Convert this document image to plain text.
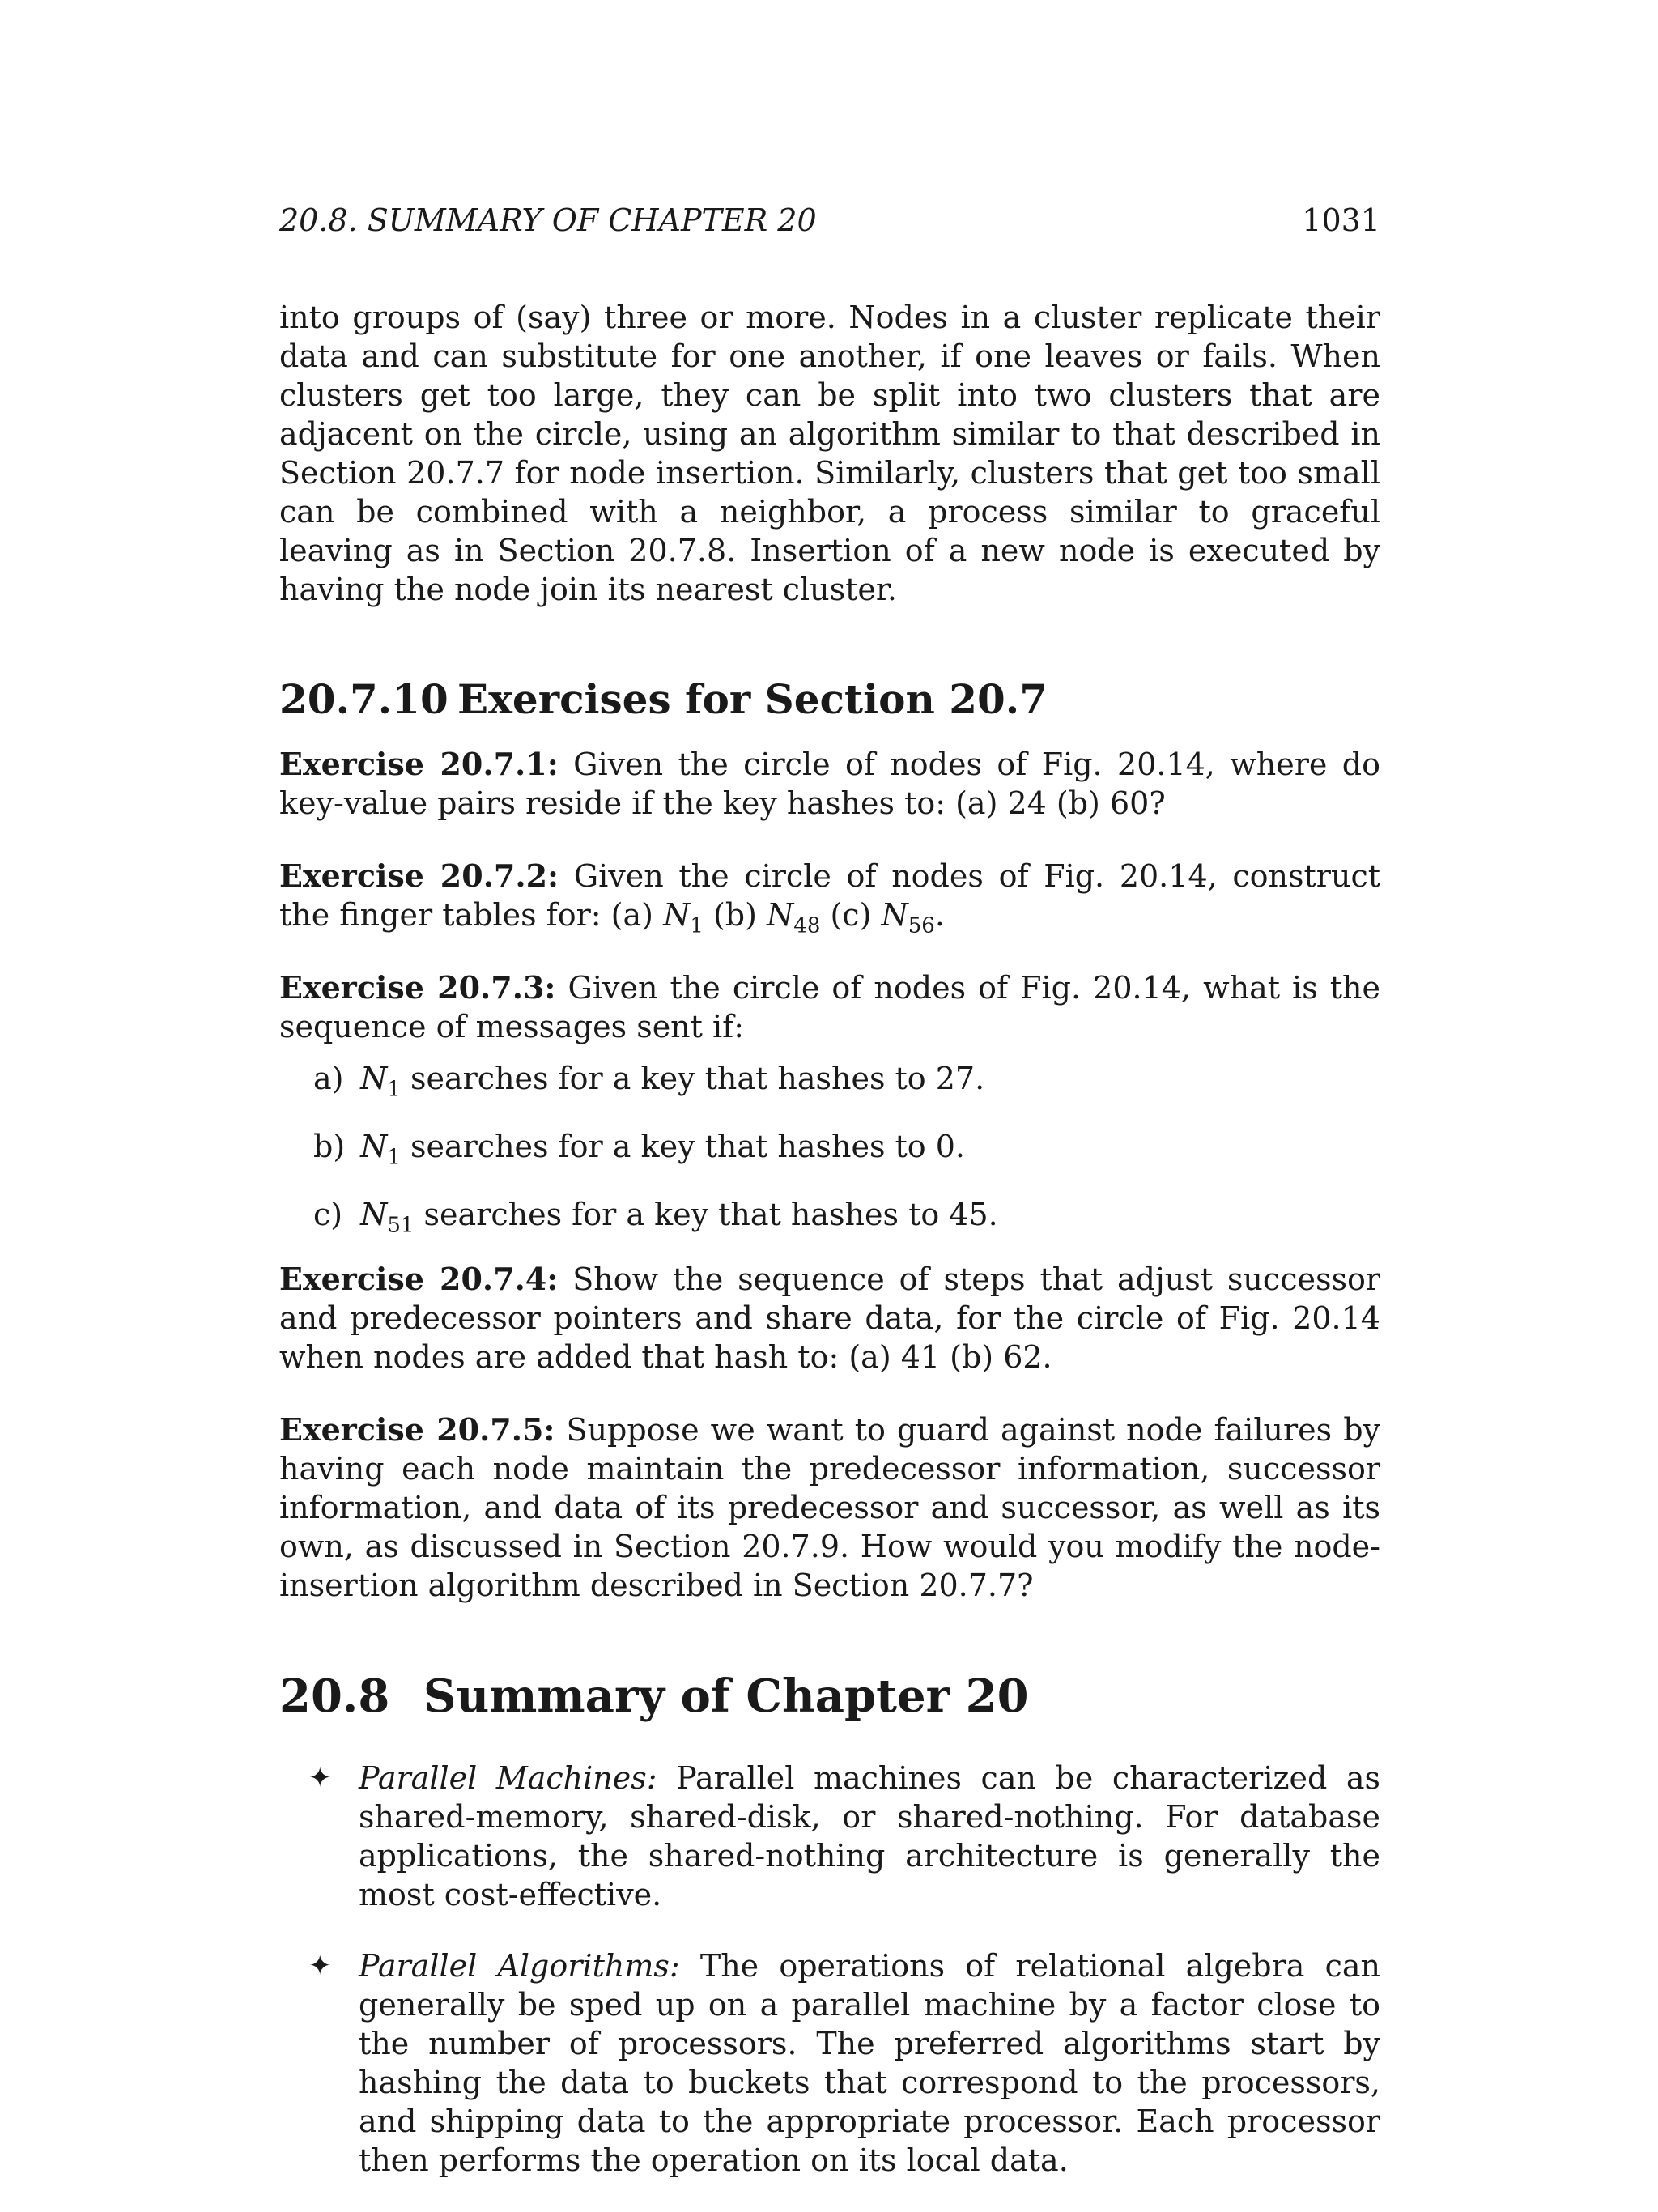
20.8. SUMMARY OF CHAPTER 20	1031

into groups of (say) three or more. Nodes in a cluster replicate their data and can substitute for one another, if one leaves or fails. When clusters get too large, they can be split into two clusters that are adjacent on the circle, using an algorithm similar to that described in Section 20.7.7 for node insertion. Similarly, clusters that get too small can be combined with a neighbor, a process similar to graceful leaving as in Section 20.7.8. Insertion of a new node is executed by having the node join its nearest cluster.

20.7.10 Exercises for Section 20.7

Exercise 20.7.1: Given the circle of nodes of Fig. 20.14, where do key-value pairs reside if the key hashes to: (a) 24 (b) 60?

Exercise 20.7.2: Given the circle of nodes of Fig. 20.14, construct the finger tables for: (a) $N_1$ (b) $N_{48}$ (c) $N_{56}$.

Exercise 20.7.3: Given the circle of nodes of Fig. 20.14, what is the sequence of messages sent if:

a) $N_1$ searches for a key that hashes to 27.
b) $N_1$ searches for a key that hashes to 0.
c) $N_{51}$ searches for a key that hashes to 45.

Exercise 20.7.4: Show the sequence of steps that adjust successor and predecessor pointers and share data, for the circle of Fig. 20.14 when nodes are added that hash to: (a) 41 (b) 62.

Exercise 20.7.5: Suppose we want to guard against node failures by having each node maintain the predecessor information, successor information, and data of its predecessor and successor, as well as its own, as discussed in Section 20.7.9. How would you modify the node-insertion algorithm described in Section 20.7.7?

20.8 Summary of Chapter 20
✦ Parallel Machines: Parallel machines can be characterized as shared-memory, shared-disk, or shared-nothing. For database applications, the shared-nothing architecture is generally the most cost-effective.

✦ Parallel Algorithms: The operations of relational algebra can generally be sped up on a parallel machine by a factor close to the number of processors. The preferred algorithms start by hashing the data to buckets that correspond to the processors, and shipping data to the appropriate processor. Each processor then performs the operation on its local data.
